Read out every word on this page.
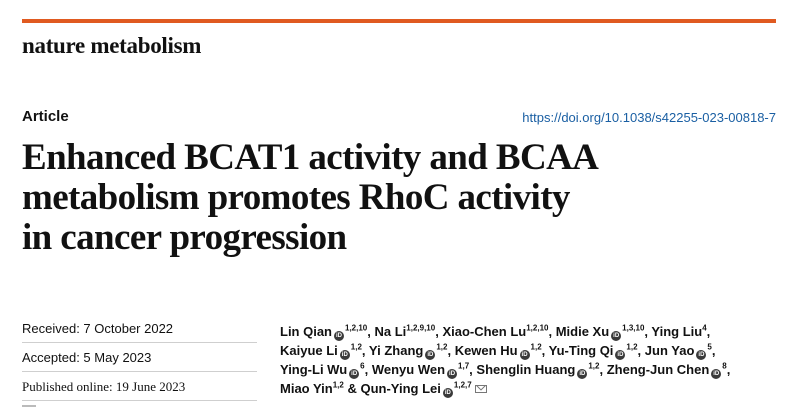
nature metabolism
Article	https://doi.org/10.1038/s42255-023-00818-7
Enhanced BCAT1 activity and BCAA
metabolism promotes RhoC activity
in cancer progression
Received: 7 October 2022
Accepted: 5 May 2023
Published online: 19 June 2023
Lin Qian iD$^{1,2,10}$, Na Li$^{1,2,9,10}$, Xiao-Chen Lu$^{1,2,10}$, Midie Xu iD$^{1,3,10}$, Ying Liu$^4$,
Kaiyue Li iD$^{1,2}$, Yi Zhang iD$^{1,2}$, Kewen Hu iD$^{1,2}$, Yu-Ting Qi iD$^{1,2}$, Jun Yao $iD^5$,
Ying-Li Wu $iD^6$, Wenyu Wen iD$^{1,7}$, Shenglin Huang iD$^{1,2}$, Zheng-Jun Chen $iD^8$,
Miao Yin$^{1,2}$ & Qun-Ying Lei iD$^{1,2,7}$
